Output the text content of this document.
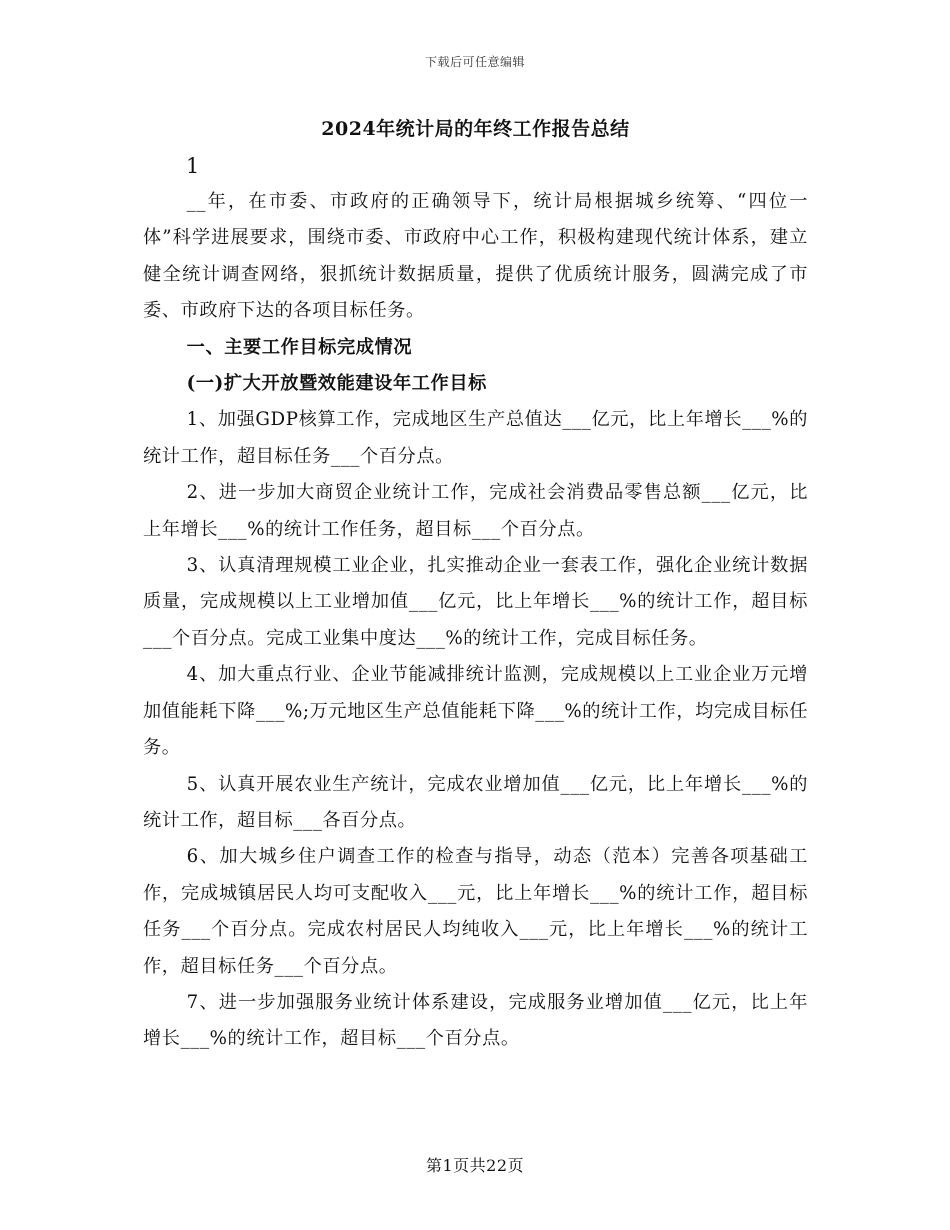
下载后可任意编辑
2024年统计局的年终工作报告总结
1

__年，在市委、市政府的正确领导下，统计局根据城乡统筹、“四位一体”科学进展要求，围绕市委、市政府中心工作，积极构建现代统计体系，建立健全统计调查网络，狠抓统计数据质量，提供了优质统计服务，圆满完成了市委、市政府下达的各项目标任务。

一、主要工作目标完成情况

(一)扩大开放暨效能建设年工作目标

1、加强GDP核算工作，完成地区生产总值达___亿元，比上年增长___%的统计工作，超目标任务___个百分点。

2、进一步加大商贸企业统计工作，完成社会消费品零售总额___亿元，比上年增长___%的统计工作任务，超目标___个百分点。

3、认真清理规模工业企业，扎实推动企业一套表工作，强化企业统计数据质量，完成规模以上工业增加值___亿元，比上年增长___%的统计工作，超目标___个百分点。完成工业集中度达___%的统计工作，完成目标任务。

4、加大重点行业、企业节能减排统计监测，完成规模以上工业企业万元增加值能耗下降___%;万元地区生产总值能耗下降___%的统计工作，均完成目标任务。

5、认真开展农业生产统计，完成农业增加值___亿元，比上年增长___%的统计工作，超目标___各百分点。

6、加大城乡住户调查工作的检查与指导，动态（范本）完善各项基础工作，完成城镇居民人均可支配收入___元，比上年增长___%的统计工作，超目标任务___个百分点。完成农村居民人均纯收入___元，比上年增长___%的统计工作，超目标任务___个百分点。

7、进一步加强服务业统计体系建设，完成服务业增加值___亿元，比上年增长___%的统计工作，超目标___个百分点。

第1页共22页
